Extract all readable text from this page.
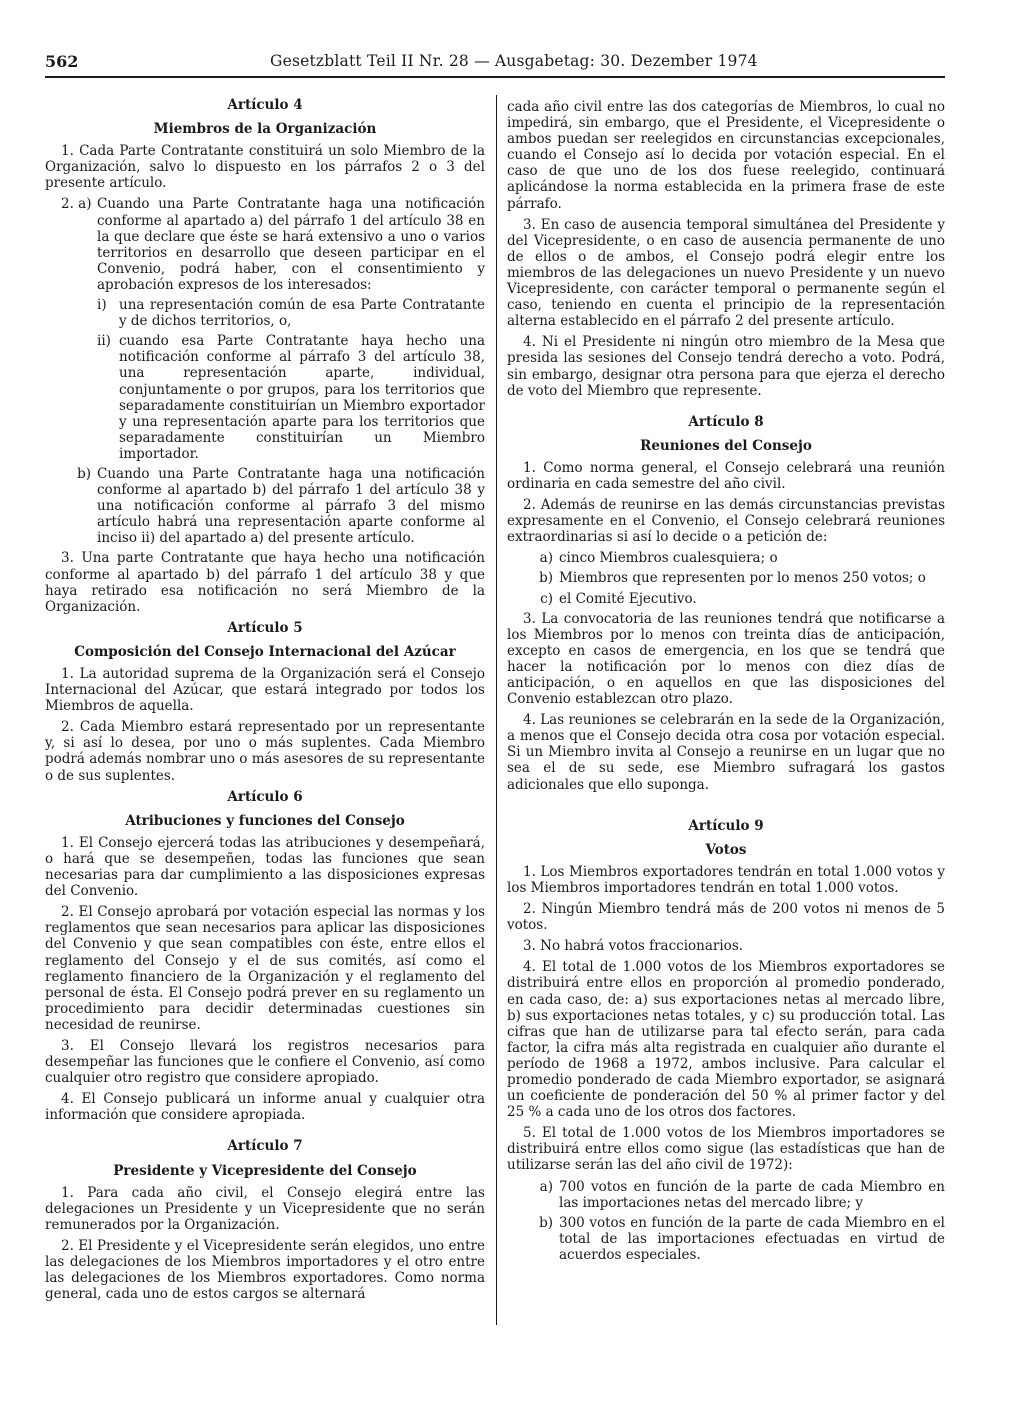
562	Gesetzblatt Teil II Nr. 28 — Ausgabetag: 30. Dezember 1974
Artículo 4
Miembros de la Organización

1. Cada Parte Contratante constituirá un solo Miembro de la Organización, salvo lo dispuesto en los párrafos 2 o 3 del presente artículo.

2. a) Cuando una Parte Contratante haga una notificación conforme al apartado a) del párrafo 1 del artículo 38 en la que declare que éste se hará extensivo a uno o varios territorios en desarrollo que deseen participar en el Convenio, podrá haber, con el consentimiento y aprobación expresos de los interesados:
i) una representación común de esa Parte Contratante y de dichos territorios, o,
ii) cuando esa Parte Contratante haya hecho una notificación conforme al párrafo 3 del artículo 38, una representación aparte, individual, conjuntamente o por grupos, para los territorios que separadamente constituirían un Miembro exportador y una representación aparte para los territorios que separadamente constituirían un Miembro importador.
b) Cuando una Parte Contratante haga una notificación conforme al apartado b) del párrafo 1 del artículo 38 y una notificación conforme al párrafo 3 del mismo artículo habrá una representación aparte conforme al inciso ii) del apartado a) del presente artículo.

3. Una parte Contratante que haya hecho una notificación conforme al apartado b) del párrafo 1 del artículo 38 y que haya retirado esa notificación no será Miembro de la Organización.

Artículo 5
Composición del Consejo Internacional del Azúcar

1. La autoridad suprema de la Organización será el Consejo Internacional del Azúcar, que estará integrado por todos los Miembros de aquella.

2. Cada Miembro estará representado por un representante y, si así lo desea, por uno o más suplentes. Cada Miembro podrá además nombrar uno o más asesores de su representante o de sus suplentes.

Artículo 6
Atribuciones y funciones del Consejo

1. El Consejo ejercerá todas las atribuciones y desempeñará, o hará que se desempeñen, todas las funciones que sean necesarias para dar cumplimiento a las disposiciones expresas del Convenio.

2. El Consejo aprobará por votación especial las normas y los reglamentos que sean necesarios para aplicar las disposiciones del Convenio y que sean compatibles con éste, entre ellos el reglamento del Consejo y el de sus comités, así como el reglamento financiero de la Organización y el reglamento del personal de ésta. El Consejo podrá prever en su reglamento un procedimiento para decidir determinadas cuestiones sin necesidad de reunirse.

3. El Consejo llevará los registros necesarios para desempeñar las funciones que le confiere el Convenio, así como cualquier otro registro que considere apropiado.

4. El Consejo publicará un informe anual y cualquier otra información que considere apropiada.

Artículo 7
Presidente y Vicepresidente del Consejo

1. Para cada año civil, el Consejo elegirá entre las delegaciones un Presidente y un Vicepresidente que no serán remunerados por la Organización.

2. El Presidente y el Vicepresidente serán elegidos, uno entre las delegaciones de los Miembros importadores y el otro entre las delegaciones de los Miembros exportadores. Como norma general, cada uno de estos cargos se alternará

cada año civil entre las dos categorías de Miembros, lo cual no impedirá, sin embargo, que el Presidente, el Vicepresidente o ambos puedan ser reelegidos en circunstancias excepcionales, cuando el Consejo así lo decida por votación especial. En el caso de que uno de los dos fuese reelegido, continuará aplicándose la norma establecida en la primera frase de este párrafo.

3. En caso de ausencia temporal simultánea del Presidente y del Vicepresidente, o en caso de ausencia permanente de uno de ellos o de ambos, el Consejo podrá elegir entre los miembros de las delegaciones un nuevo Presidente y un nuevo Vicepresidente, con carácter temporal o permanente según el caso, teniendo en cuenta el principio de la representación alterna establecido en el párrafo 2 del presente artículo.

4. Ni el Presidente ni ningún otro miembro de la Mesa que presida las sesiones del Consejo tendrá derecho a voto. Podrá, sin embargo, designar otra persona para que ejerza el derecho de voto del Miembro que represente.

Artículo 8
Reuniones del Consejo

1. Como norma general, el Consejo celebrará una reunión ordinaria en cada semestre del año civil.

2. Además de reunirse en las demás circunstancias previstas expresamente en el Convenio, el Consejo celebrará reuniones extraordinarias si así lo decide o a petición de:

a) cinco Miembros cualesquiera; o
b) Miembros que representen por lo menos 250 votos; o
c) el Comité Ejecutivo.

3. La convocatoria de las reuniones tendrá que notificarse a los Miembros por lo menos con treinta días de anticipación, excepto en casos de emergencia, en los que se tendrá que hacer la notificación por lo menos con diez días de anticipación, o en aquellos en que las disposiciones del Convenio establezcan otro plazo.

4. Las reuniones se celebrarán en la sede de la Organización, a menos que el Consejo decida otra cosa por votación especial. Si un Miembro invita al Consejo a reunirse en un lugar que no sea el de su sede, ese Miembro sufragará los gastos adicionales que ello suponga.

Artículo 9
Votos

1. Los Miembros exportadores tendrán en total 1.000 votos y los Miembros importadores tendrán en total 1.000 votos.

2. Ningún Miembro tendrá más de 200 votos ni menos de 5 votos.

3. No habrá votos fraccionarios.

4. El total de 1.000 votos de los Miembros exportadores se distribuirá entre ellos en proporción al promedio ponderado, en cada caso, de: a) sus exportaciones netas al mercado libre, b) sus exportaciones netas totales, y c) su producción total. Las cifras que han de utilizarse para tal efecto serán, para cada factor, la cifra más alta registrada en cualquier año durante el período de 1968 a 1972, ambos inclusive. Para calcular el promedio ponderado de cada Miembro exportador, se asignará un coeficiente de ponderación del 50 % al primer factor y del 25 % a cada uno de los otros dos factores.

5. El total de 1.000 votos de los Miembros importadores se distribuirá entre ellos como sigue (las estadísticas que han de utilizarse serán las del año civil de 1972):

a) 700 votos en función de la parte de cada Miembro en las importaciones netas del mercado libre; y
b) 300 votos en función de la parte de cada Miembro en el total de las importaciones efectuadas en virtud de acuerdos especiales.
